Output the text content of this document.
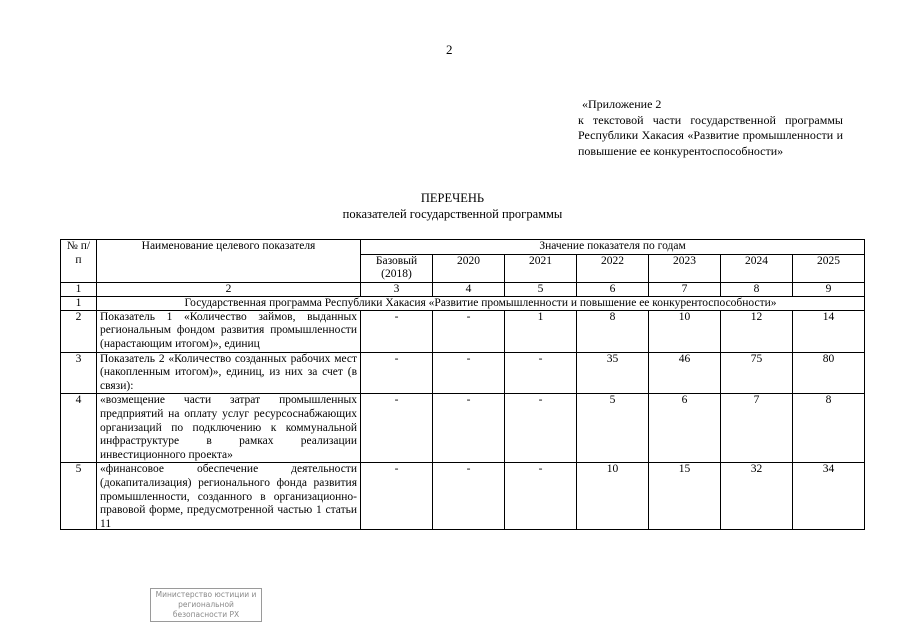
2
«Приложение 2
к текстовой части государственной программы Республики Хакасия «Развитие промышленности и повышение ее конкурентоспособности»
ПЕРЕЧЕНЬ
показателей государственной программы
№ п/п	Наименование целевого показателя	Значение показателя по годам						
		Базовый (2018)	2020	2021	2022	2023	2024	2025
1	2	3	4	5	6	7	8	9
1	Государственная программа Республики Хакасия «Развитие промышленности и повышение ее конкурентоспособности»							
2	Показатель 1 «Количество займов, выданных региональным фондом развития промышленности (нарастающим итогом)», единиц	-	-	1	8	10	12	14
3	Показатель 2 «Количество созданных рабочих мест (накопленным итогом)», единиц, из них за счет (в связи):	-	-	-	35	46	75	80
4	«возмещение части затрат промышленных предприятий на оплату услуг ресурсоснабжающих организаций по подключению к коммунальной инфраструктуре в рамках реализации инвестиционного проекта»	-	-	-	5	6	7	8
5	«финансовое обеспечение деятельности (докапитализация) регионального фонда развития промышленности, созданного в организационно-правовой форме, предусмотренной частью 1 статьи 11	-	-	-	10	15	32	34
Министерство юстиции и региональной безопасности РХ
